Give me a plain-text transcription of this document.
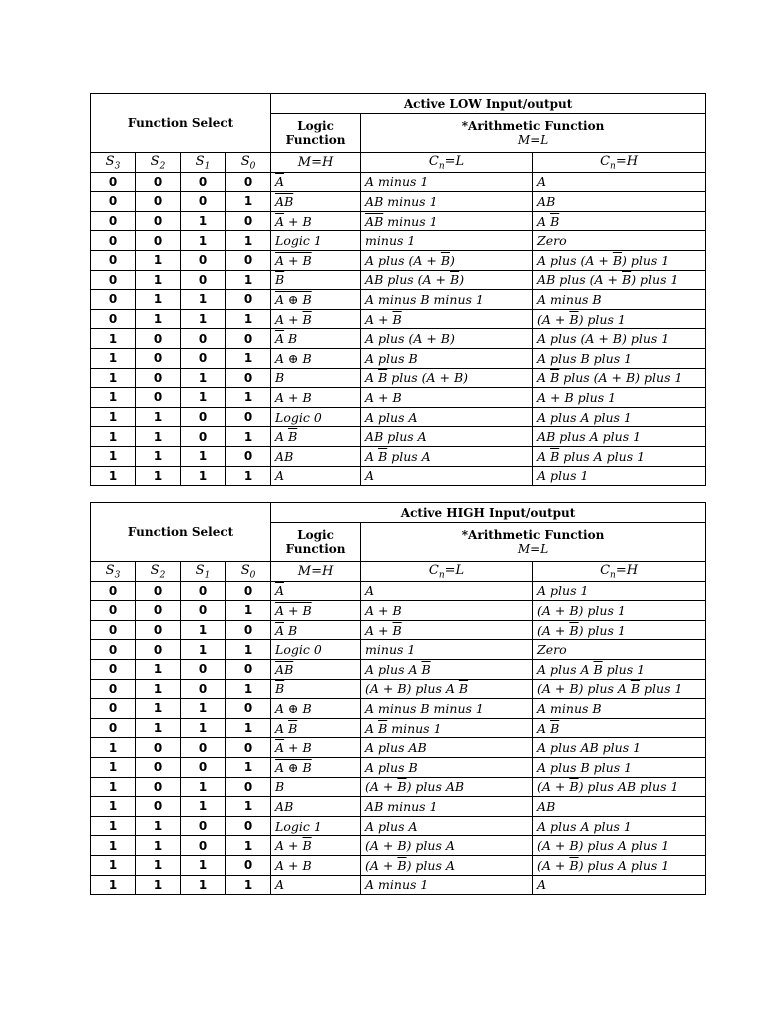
Function Select				Active LOW Input/output		
				Logic
Function	*Arithmetic Function
M=L	

$S_3$	$S_2$	$S_1$	$S_0$	M=H	$C_n=L$	$C_n=H$
0	0	0	0	$\overline{A}$	A minus 1	A
0	0	0	1	$\overline{AB}$	AB minus 1	AB
0	0	1	0	$\overline{A} + B$	$\overline{AB}$ minus 1	A $\overline{B}$
0	0	1	1	Logic 1	minus 1	Zero
0	1	0	0	A + B	A plus $(A + \overline{B})$	A plus $(A + \overline{B})$ plus 1
0	1	0	1	$\overline{B}$	AB plus $(A + \overline{B})$	AB plus $(A + \overline{B})$ plus 1
0	1	1	0	A ⊕ B	A minus B minus 1	A minus B
0	1	1	1	$A + \overline{B}$	$A + \overline{B}$	$(A + \overline{B})$ plus 1
1	0	0	0	$\overline{A}$ B	A plus (A + B)	A plus (A + B) plus 1
1	0	0	1	A ⊕ B	A plus B	A plus B plus 1
1	0	1	0	B	A $\overline{B}$ plus (A + B)	A $\overline{B}$ plus (A + B) plus 1
1	0	1	1	A + B	A + B	A + B plus 1
1	1	0	0	Logic 0	A plus A	A plus A plus 1
1	1	0	1	A $\overline{B}$	AB plus A	AB plus A plus 1
1	1	1	0	AB	A $\overline{B}$ plus A	A $\overline{B}$ plus A plus 1
1	1	1	1	A	A	A plus 1
Function Select				Active HIGH Input/output		
				Logic
Function	*Arithmetic Function
M=L	

$S_3$	$S_2$	$S_1$	$S_0$	M=H	$C_n=L$	$C_n=H$
0	0	0	0	$\overline{A}$	A	A plus 1
0	0	0	1	A + B	A + B	(A + B) plus 1
0	0	1	0	$\overline{A}$ B	$A + \overline{B}$	$(A + \overline{B})$ plus 1
0	0	1	1	Logic 0	minus 1	Zero
0	1	0	0	$\overline{AB}$	A plus A $\overline{B}$	A plus A $\overline{B}$ plus 1
0	1	0	1	$\overline{B}$	(A + B) plus A $\overline{B}$	(A + B) plus A $\overline{B}$ plus 1
0	1	1	0	A ⊕ B	A minus B minus 1	A minus B
0	1	1	1	A $\overline{B}$	A $\overline{B}$ minus 1	A $\overline{B}$
1	0	0	0	$\overline{A} + B$	A plus AB	A plus AB plus 1
1	0	0	1	A ⊕ B	A plus B	A plus B plus 1
1	0	1	0	B	$(A + \overline{B})$ plus AB	$(A + \overline{B})$ plus AB plus 1
1	0	1	1	AB	AB minus 1	AB
1	1	0	0	Logic 1	A plus A	A plus A plus 1
1	1	0	1	$A + \overline{B}$	(A + B) plus A	(A + B) plus A plus 1
1	1	1	0	A + B	$(A + \overline{B})$ plus A	$(A + \overline{B})$ plus A plus 1
1	1	1	1	A	A minus 1	A
